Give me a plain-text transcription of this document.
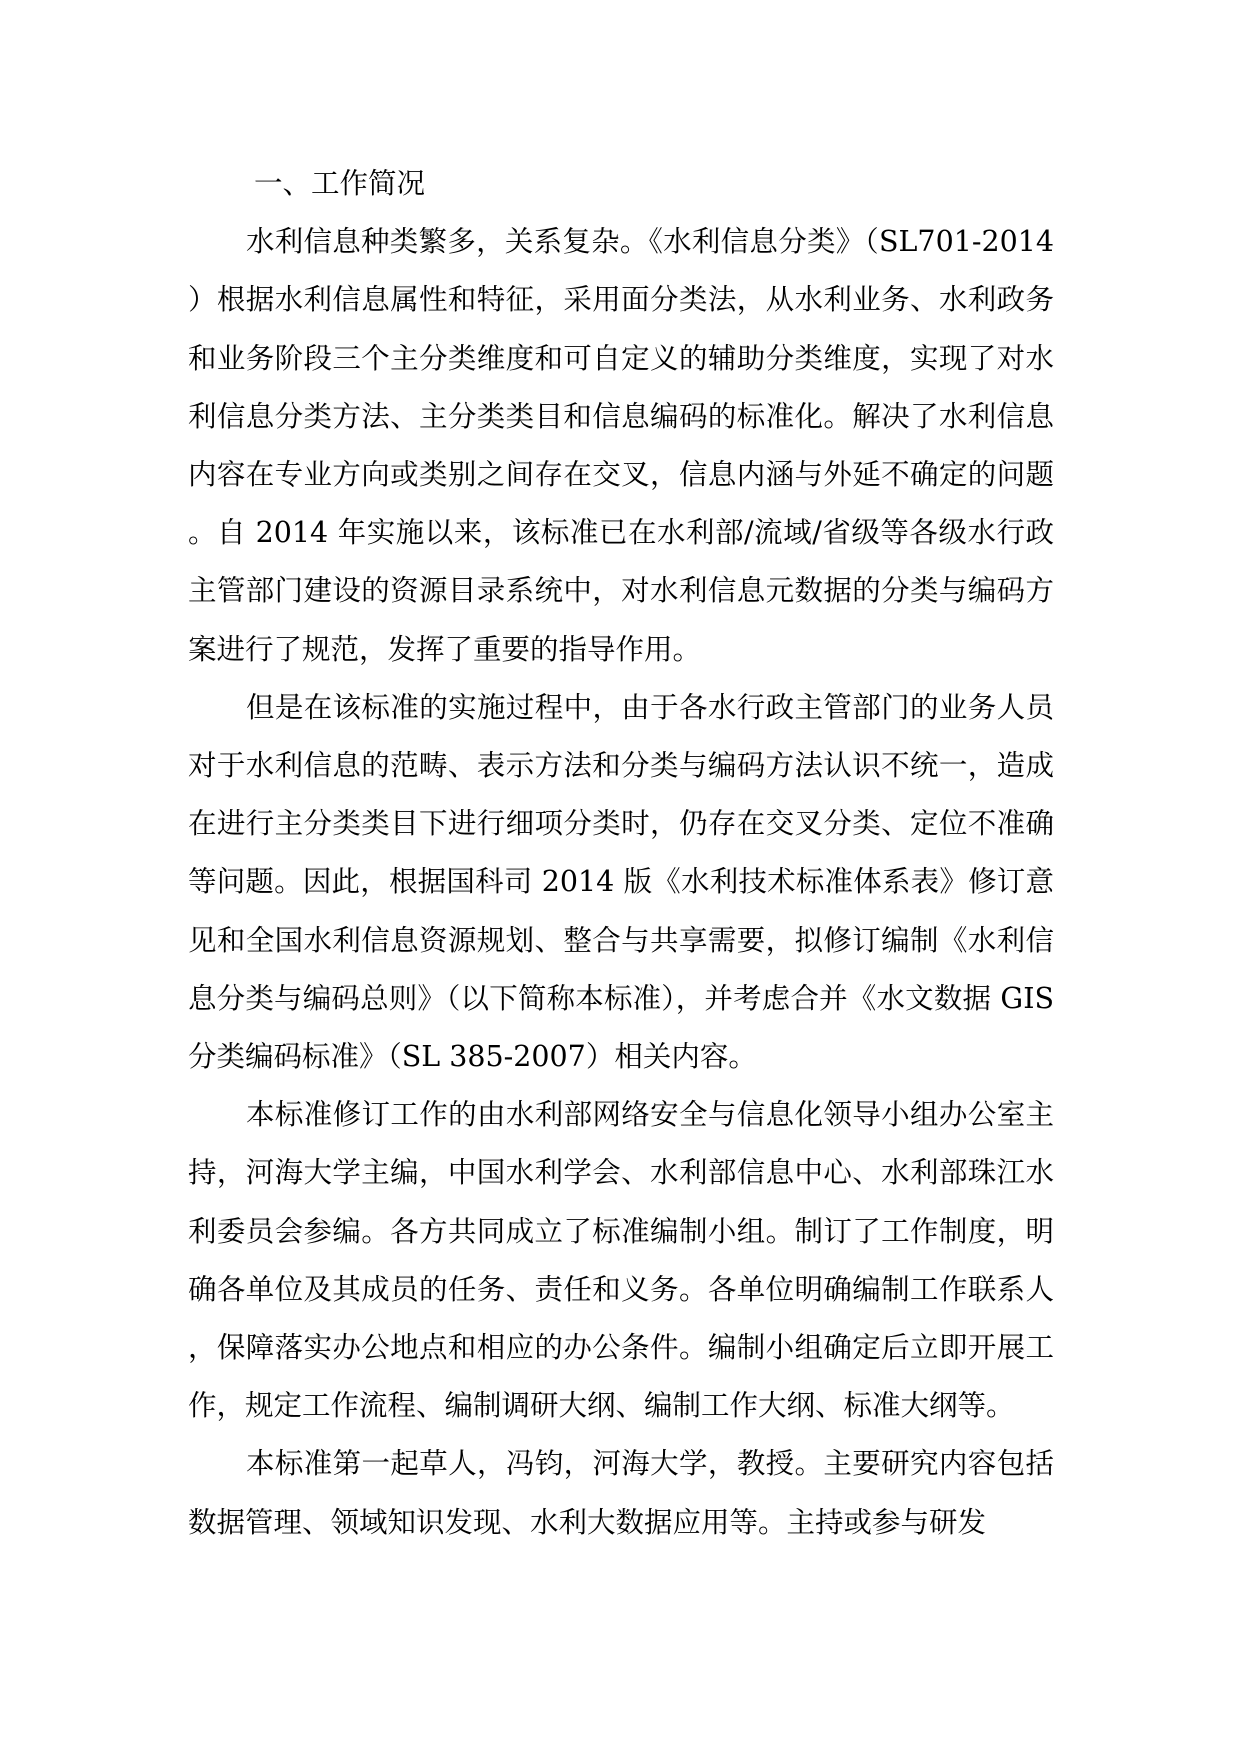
一、工作简况

水利信息种类繁多，关系复杂。《水利信息分类》（SL701-2014）根据水利信息属性和特征，采用面分类法，从水利业务、水利政务和业务阶段三个主分类维度和可自定义的辅助分类维度，实现了对水利信息分类方法、主分类类目和信息编码的标准化。解决了水利信息内容在专业方向或类别之间存在交叉，信息内涵与外延不确定的问题。自 2014 年实施以来，该标准已在水利部/流域/省级等各级水行政主管部门建设的资源目录系统中，对水利信息元数据的分类与编码方案进行了规范，发挥了重要的指导作用。

但是在该标准的实施过程中，由于各水行政主管部门的业务人员对于水利信息的范畴、表示方法和分类与编码方法认识不统一，造成在进行主分类类目下进行细项分类时，仍存在交叉分类、定位不准确等问题。因此，根据国科司 2014 版《水利技术标准体系表》修订意见和全国水利信息资源规划、整合与共享需要，拟修订编制《水利信息分类与编码总则》（以下简称本标准），并考虑合并《水文数据 GIS 分类编码标准》（SL 385-2007）相关内容。

本标准修订工作的由水利部网络安全与信息化领导小组办公室主持，河海大学主编，中国水利学会、水利部信息中心、水利部珠江水利委员会参编。各方共同成立了标准编制小组。制订了工作制度，明确各单位及其成员的任务、责任和义务。各单位明确编制工作联系人，保障落实办公地点和相应的办公条件。编制小组确定后立即开展工作，规定工作流程、编制调研大纲、编制工作大纲、标准大纲等。

本标准第一起草人，冯钧，河海大学，教授。主要研究内容包括数据管理、领域知识发现、水利大数据应用等。主持或参与研发
